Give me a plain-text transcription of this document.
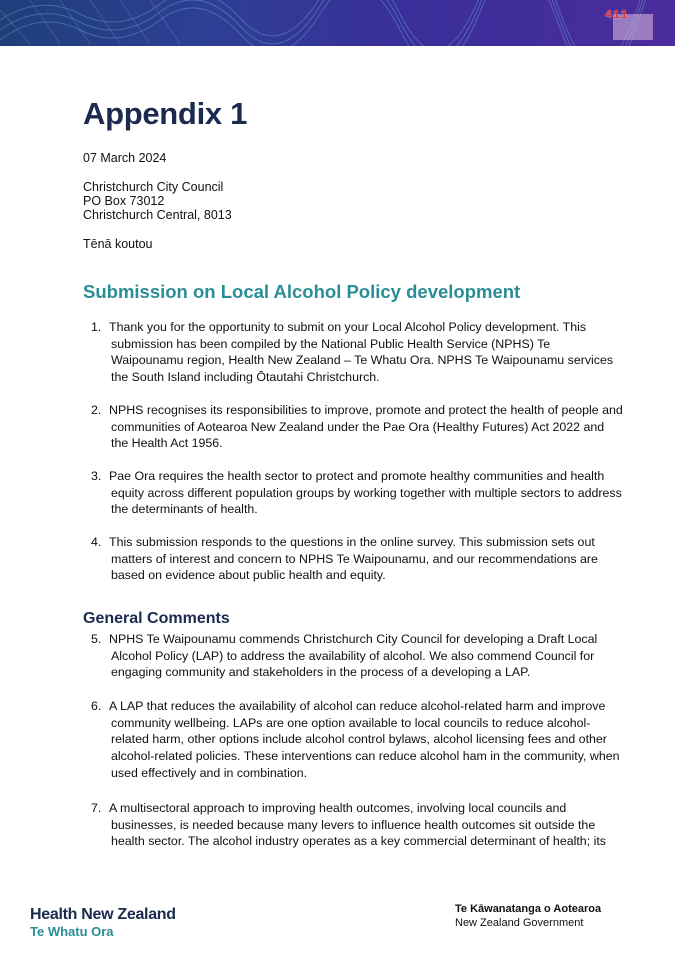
411
Appendix 1
07 March 2024
Christchurch City Council
PO Box 73012
Christchurch Central, 8013
Tēnā koutou
Submission on Local Alcohol Policy development
1. Thank you for the opportunity to submit on your Local Alcohol Policy development. This
submission has been compiled by the National Public Health Service (NPHS) Te
Waipounamu region, Health New Zealand – Te Whatu Ora. NPHS Te Waipounamu services
the South Island including Ōtautahi Christchurch.
2. NPHS recognises its responsibilities to improve, promote and protect the health of people and
communities of Aotearoa New Zealand under the Pae Ora (Healthy Futures) Act 2022 and
the Health Act 1956.
3. Pae Ora requires the health sector to protect and promote healthy communities and health
equity across different population groups by working together with multiple sectors to address
the determinants of health.
4. This submission responds to the questions in the online survey. This submission sets out
matters of interest and concern to NPHS Te Waipounamu, and our recommendations are
based on evidence about public health and equity.
General Comments
5. NPHS Te Waipounamu commends Christchurch City Council for developing a Draft Local
Alcohol Policy (LAP) to address the availability of alcohol. We also commend Council for
engaging community and stakeholders in the process of a developing a LAP.
6. A LAP that reduces the availability of alcohol can reduce alcohol-related harm and improve
community wellbeing. LAPs are one option available to local councils to reduce alcohol-
related harm, other options include alcohol control bylaws, alcohol licensing fees and other
alcohol-related policies. These interventions can reduce alcohol ham in the community, when
used effectively and in combination.
7. A multisectoral approach to improving health outcomes, involving local councils and
businesses, is needed because many levers to influence health outcomes sit outside the
health sector. The alcohol industry operates as a key commercial determinant of health; its
Health New Zealand
Te Whatu Ora
Te Kāwanatanga o Aotearoa
New Zealand Government
